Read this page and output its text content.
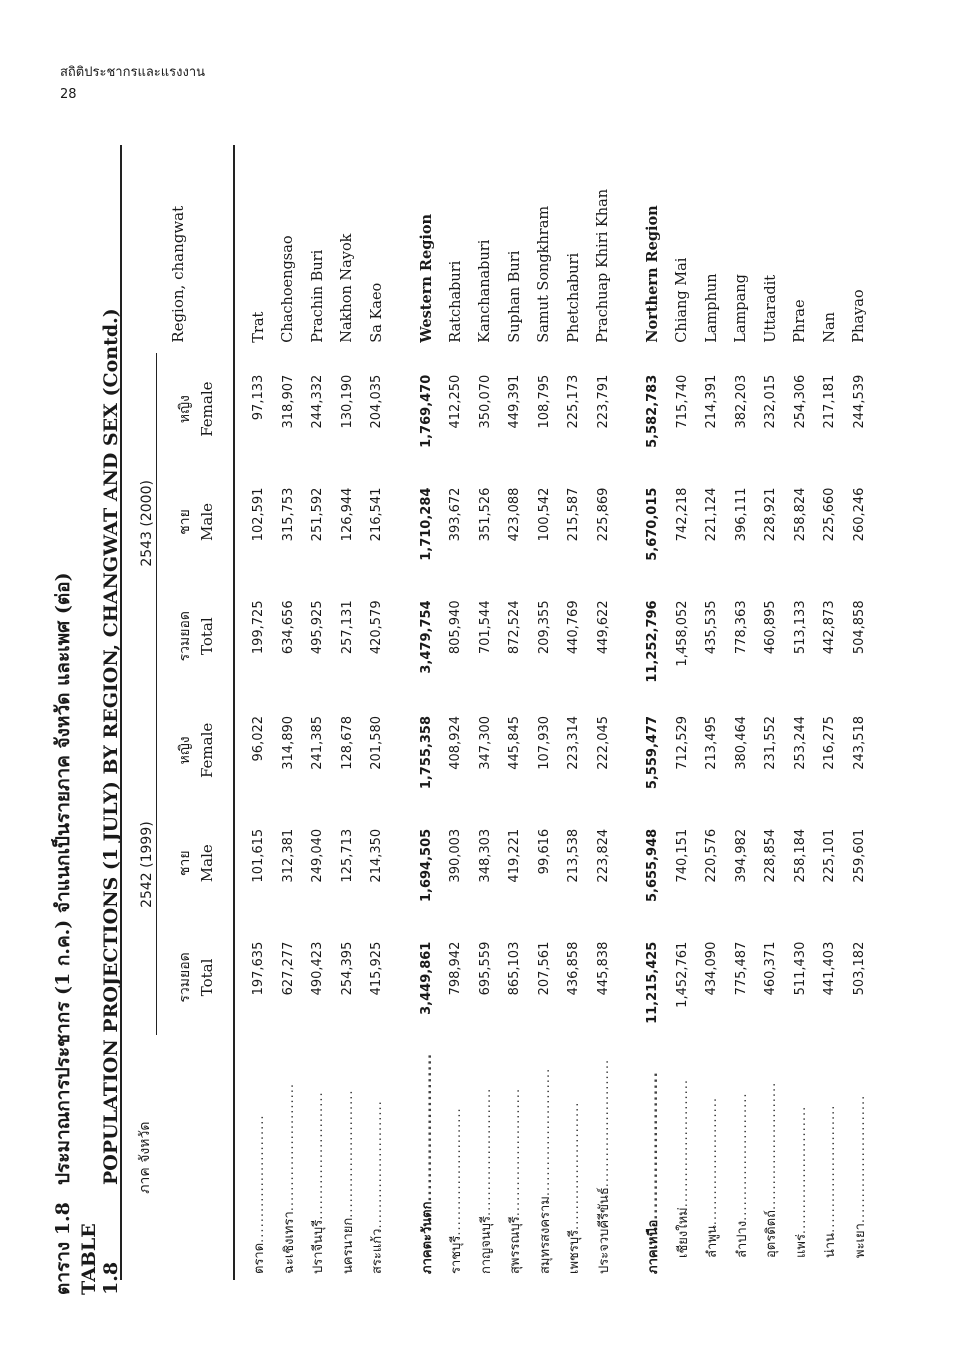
สถิติประชากรและแรงงาน
28
ตาราง 1.8ประมาณการประชากร (1 ก.ค.) จำแนกเป็นรายภาค จังหวัด และเพศ (ต่อ)
TABLE 1.8POPULATION PROJECTIONS (1 JULY) BY REGION, CHANGWAT AND SEX (Contd.) ภาค จังหวัด	2542 (1999)			2543 (2000)			Region, changwat
	รวมยอด	ชาย	หญิง	รวมยอด	ชาย	หญิง	
	Total	Male	Female	Total	Male	Female	
ตราด.........................	197,635	101,615	96,022	199,725	102,591	97,133	Trat
ฉะเชิงเทรา.........................	627,277	312,381	314,890	634,656	315,753	318,907	Chachoengsao
ปราจีนบุรี.........................	490,423	249,040	241,385	495,925	251,592	244,332	Prachin Buri
นครนายก.........................	254,395	125,713	128,678	257,131	126,944	130,190	Nakhon Nayok
สระแก้ว.........................	415,925	214,350	201,580	420,579	216,541	204,035	Sa Kaeo

ภาคตะวันตก.........................	3,449,861	1,694,505	1,755,358	3,479,754	1,710,284	1,769,470	Western Region
ราชบุรี.........................	798,942	390,003	408,924	805,940	393,672	412,250	Ratchaburi
กาญจนบุรี.........................	695,559	348,303	347,300	701,544	351,526	350,070	Kanchanaburi
สุพรรณบุรี.........................	865,103	419,221	445,845	872,524	423,088	449,391	Suphan Buri
สมุทรสงคราม.........................	207,561	99,616	107,930	209,355	100,542	108,795	Samut Songkhram
เพชรบุรี.........................	436,858	213,538	223,314	440,769	215,587	225,173	Phetchaburi
ประจวบคีรีขันธ์.........................	445,838	223,824	222,045	449,622	225,869	223,791	Prachuap Khiri Khan

ภาคเหนือ.........................	11,215,425	5,655,948	5,559,477	11,252,796	5,670,015	5,582,783	Northern Region
เชียงใหม่.........................	1,452,761	740,151	712,529	1,458,052	742,218	715,740	Chiang Mai
ลำพูน.........................	434,090	220,576	213,495	435,535	221,124	214,391	Lamphun
ลำปาง.........................	775,487	394,982	380,464	778,363	396,111	382,203	Lampang
อุตรดิตถ์.........................	460,371	228,854	231,552	460,895	228,921	232,015	Uttaradit
แพร่.........................	511,430	258,184	253,244	513,133	258,824	254,306	Phrae
น่าน.........................	441,403	225,101	216,275	442,873	225,660	217,181	Nan
พะเยา.........................	503,182	259,601	243,518	504,858	260,246	244,539	Phayao
